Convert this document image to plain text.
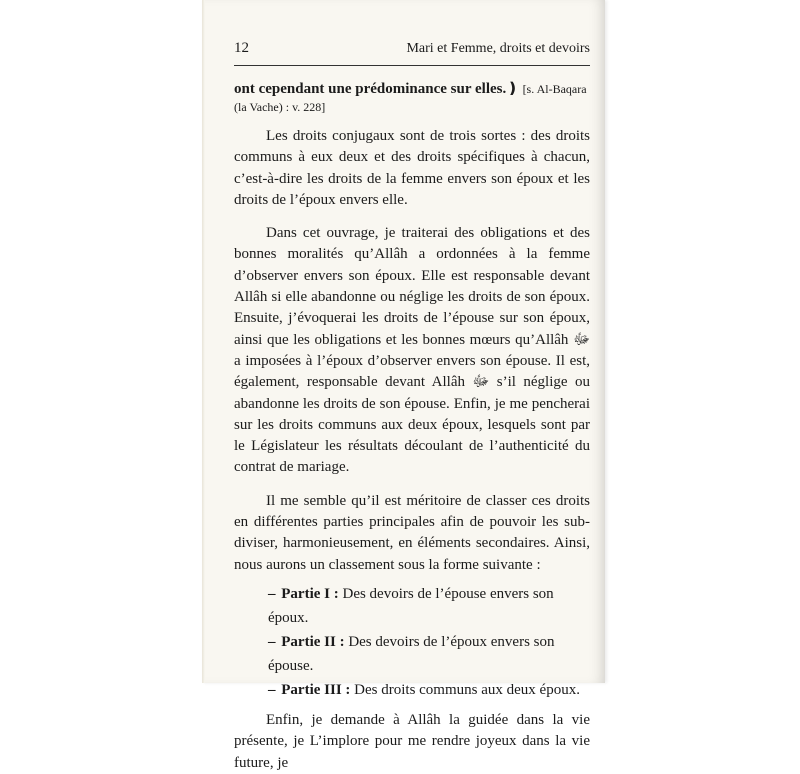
12	Mari et Femme, droits et devoirs
ont cependant une prédominance sur elles.❫ [s. Al-Baqara (la Vache) : v. 228]

Les droits conjugaux sont de trois sortes : des droits communs à eux deux et des droits spécifiques à chacun, c’est-à-dire les droits de la femme envers son époux et les droits de l’époux envers elle.

Dans cet ouvrage, je traiterai des obligations et des bonnes moralités qu’Allâh a ordonnées à la femme d’observer envers son époux. Elle est responsable devant Allâh si elle abandonne ou néglige les droits de son époux. Ensuite, j’évoquerai les droits de l’épouse sur son époux, ainsi que les obligations et les bonnes mœurs qu’Allâh ﷻ a imposées à l’époux d’observer envers son épouse. Il est, également, responsable devant Allâh ﷻ s’il néglige ou abandonne les droits de son épouse. Enfin, je me pencherai sur les droits communs aux deux époux, lesquels sont par le Législateur les résultats découlant de l’authenticité du contrat de mariage.

Il me semble qu’il est méritoire de classer ces droits en différentes parties principales afin de pouvoir les sub-diviser, harmonieusement, en éléments secondaires. Ainsi, nous aurons un classement sous la forme suivante :

– Partie I : Des devoirs de l’épouse envers son époux.
– Partie II : Des devoirs de l’époux envers son épouse.
– Partie III : Des droits communs aux deux époux.

Enfin, je demande à Allâh la guidée dans la vie présente, je L’implore pour me rendre joyeux dans la vie future, je
